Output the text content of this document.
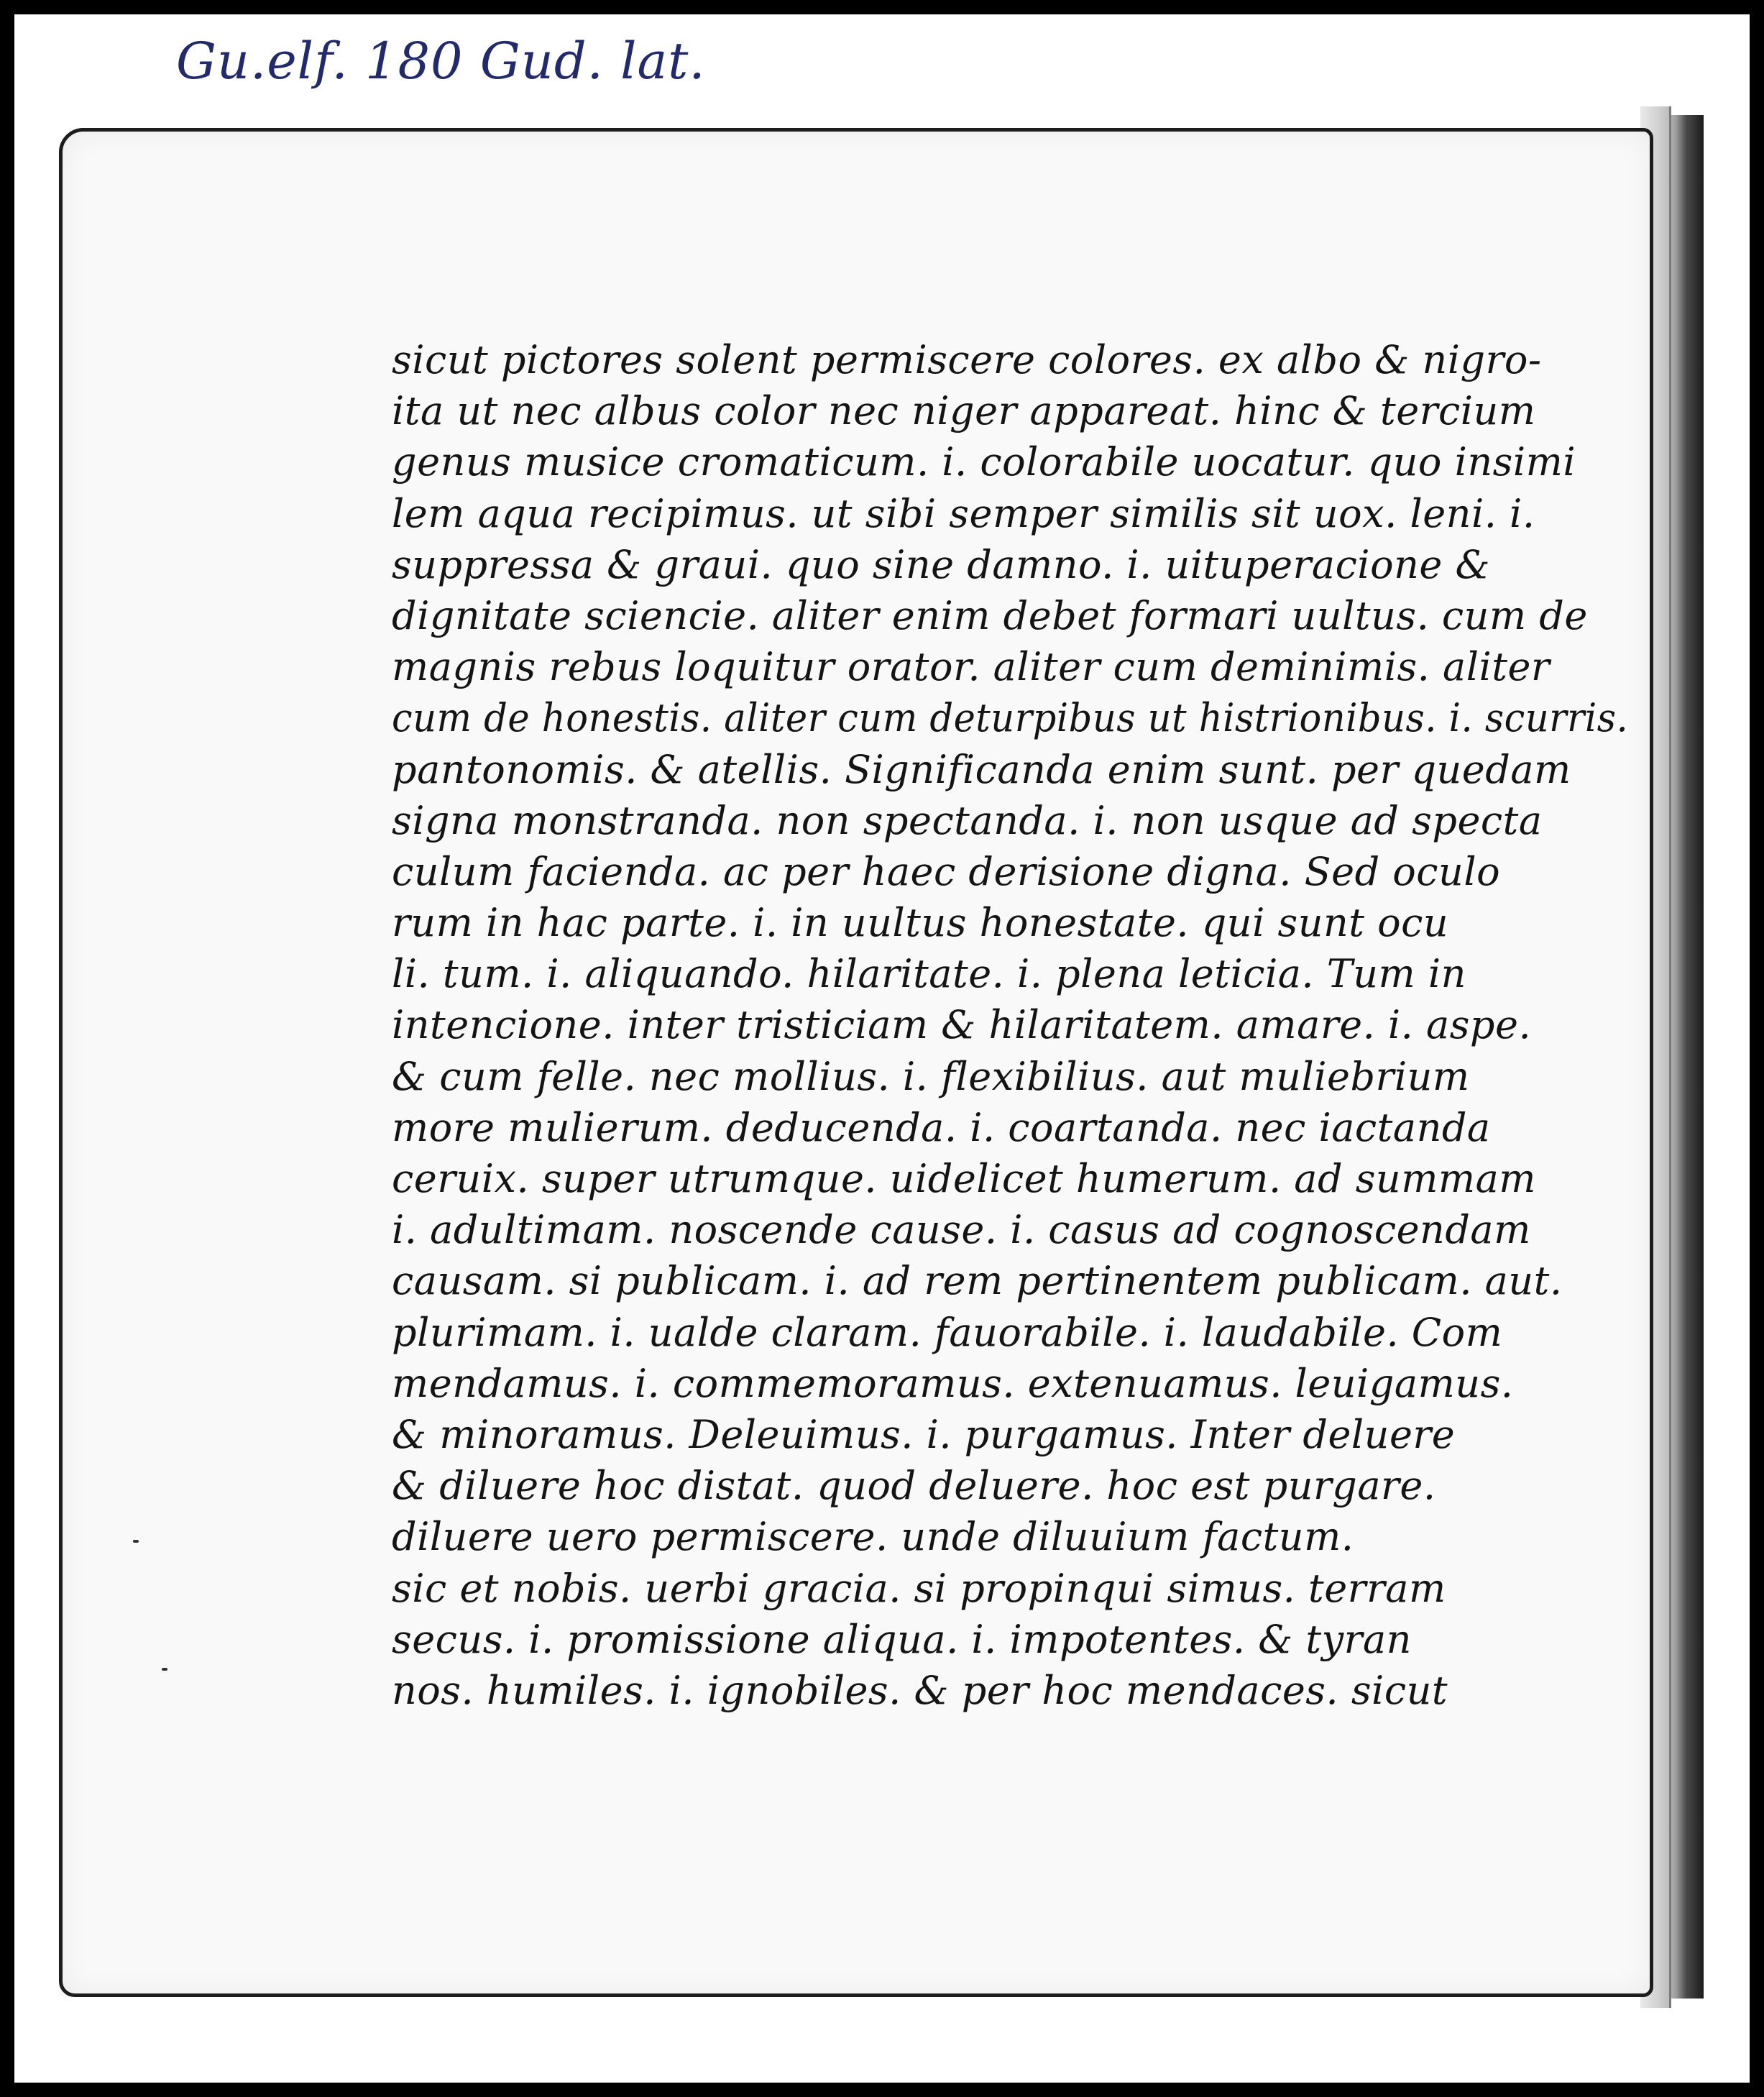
Gu.elf. 180 Gud. lat.
sicut pictores solent permiscere colores. ex albo & nigro-
ita ut nec albus color nec niger appareat. hinc & tercium
genus musice cromaticum. i. colorabile uocatur. quo insimi
lem aqua recipimus. ut sibi semper similis sit uox. leni. i.
suppressa & graui. quo sine damno. i. uituperacione &
dignitate sciencie. aliter enim debet formari uultus. cum de
magnis rebus loquitur orator. aliter cum deminimis. aliter
cum de honestis. aliter cum deturpibus ut histrionibus. i. scurris.
pantonomis. & atellis. Significanda enim sunt. per quedam
signa monstranda. non spectanda. i. non usque ad specta
culum facienda. ac per haec derisione digna. Sed oculo
rum in hac parte. i. in uultus honestate. qui sunt ocu
li. tum. i. aliquando. hilaritate. i. plena leticia. Tum in
intencione. inter tristiciam & hilaritatem. amare. i. aspe.
& cum felle. nec mollius. i. flexibilius. aut muliebrium
more mulierum. deducenda. i. coartanda. nec iactanda
ceruix. super utrumque. uidelicet humerum. ad summam
i. adultimam. noscende cause. i. casus ad cognoscendam
causam. si publicam. i. ad rem pertinentem publicam. aut.
plurimam. i. ualde claram. fauorabile. i. laudabile. Com
mendamus. i. commemoramus. extenuamus. leuigamus.
& minoramus. Deleuimus. i. purgamus. Inter deluere
& diluere hoc distat. quod deluere. hoc est purgare.
diluere uero permiscere. unde diluuium factum.
sic et nobis. uerbi gracia. si propinqui simus. terram
secus. i. promissione aliqua. i. impotentes. & tyran
nos. humiles. i. ignobiles. & per hoc mendaces. sicut
